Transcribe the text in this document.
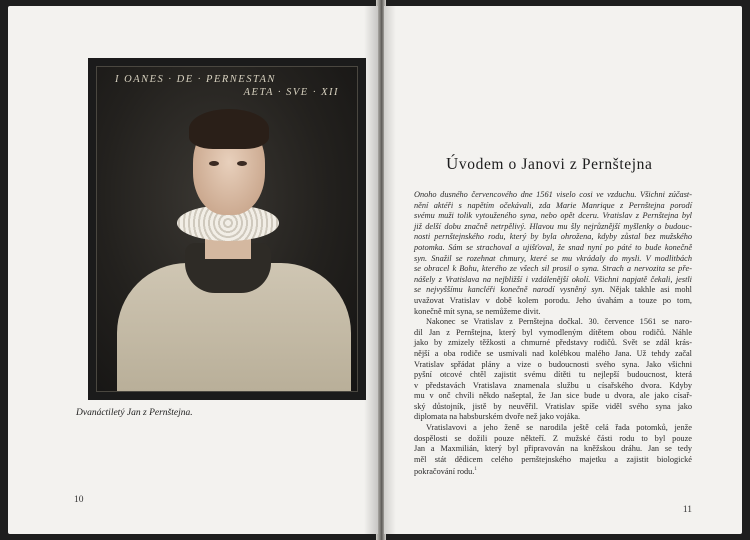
I OANES · DE · PERNESTAN
AETA · SVE · XII
Dvanáctiletý Jan z Pernštejna.
10
Úvodem o Janovi z Pernštejna
Onoho dusného červencového dne 1561 viselo cosi ve vzduchu. Všichni zúčast-
nění aktéři s napětím očekávali, zda Marie Manrique z Pernštejna porodí
svému muži tolik vytouženého syna, nebo opět dceru. Vratislav z Pernštejna byl
již delší dobu značně netrpělivý. Hlavou mu šly nejrůznější myšlenky o budouc-
nosti pernštejnského rodu, který by byla ohrožena, kdyby zůstal bez mužského
potomka. Sám se strachoval a ujišťoval, že snad nyní po páté to bude konečně
syn. Snažil se rozehnat chmury, které se mu vkrádaly do mysli. V modlitbách
se obracel k Bohu, kterého ze všech sil prosil o syna. Strach a nervozita se pře-
nášely z Vratislava na nejbližší i vzdálenější okolí. Všichni napjatě čekali, jestli
se nejvyššímu kancléři konečně narodí vysněný syn. Nějak takhle asi mohl
uvažovat Vratislav v době kolem porodu. Jeho úvahám a touze po tom,
konečně mít syna, se nemůžeme divit.
Nakonec se Vratislav z Pernštejna dočkal. 30. července 1561 se naro-
dil Jan z Pernštejna, který byl vymodleným dítětem obou rodičů. Náhle
jako by zmizely těžkosti a chmurné představy rodičů. Svět se zdál krás-
nější a oba rodiče se usmívali nad kolébkou malého Jana. Už tehdy začal
Vratislav spřádat plány a vize o budoucnosti svého syna. Jako všichni
pyšní otcové chtěl zajistit svému dítěti tu nejlepší budoucnost, která
v představách Vratislava znamenala službu u císařského dvora. Kdyby
mu v onč chvíli někdo našeptal, že Jan sice bude u dvora, ale jako císař-
ský důstojník, jistě by neuvěřil. Vratislav spíše viděl svého syna jako
diplomata na habsburském dvoře než jako vojáka.
Vratislavovi a jeho ženě se narodila ještě celá řada potomků, jenže
dospělosti se dožili pouze někteří. Z mužské části rodu to byl pouze
Jan a Maxmilián, který byl připravován na kněžskou dráhu. Jan se tedy
měl stát dědicem celého pernštejnského majetku a zajistit biologické
pokračování rodu.$^1$
11
